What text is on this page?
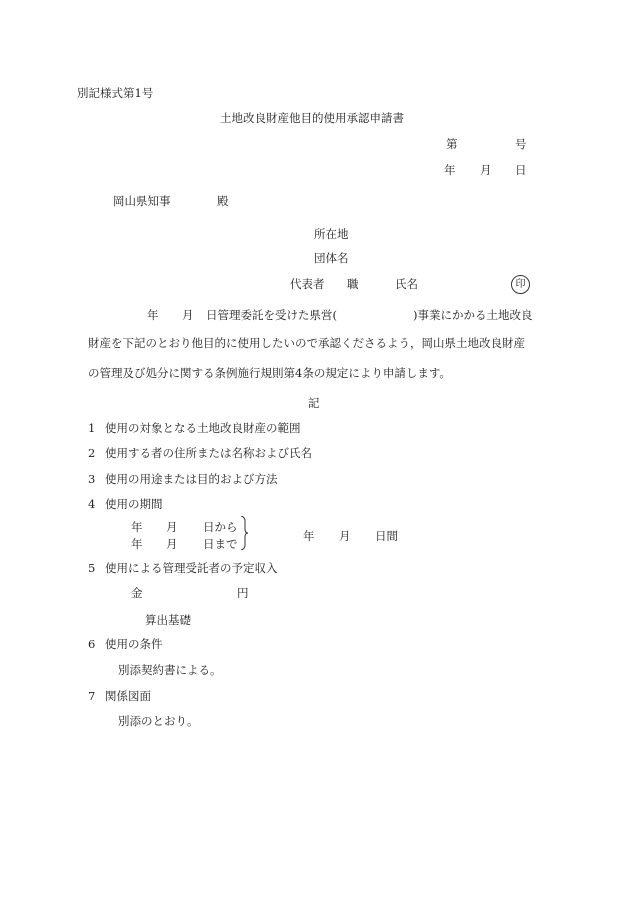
別記様式第1号
土地改良財産他目的使用承認申請書
第	号
年 月 日
岡山県知事	殿
所在地
団体名
代表者 職	氏名	印
年 月 日管理委託を受けた県営(	)事業にかかる土地改良
財産を下記のとおり他目的に使用したいので承認くださるよう，岡山県土地改良財産
の管理及び処分に関する条例施行規則第4条の規定により申請します。
記
1 使用の対象となる土地改良財産の範囲
2 使用する者の住所または名称および氏名
3 使用の用途または目的および方法
4 使用の期間
年 月 日から
年 月 日まで
年 月 日間
5 使用による管理受託者の予定収入
金	円
算出基礎
6 使用の条件
別添契約書による。
7 関係図面
別添のとおり。
